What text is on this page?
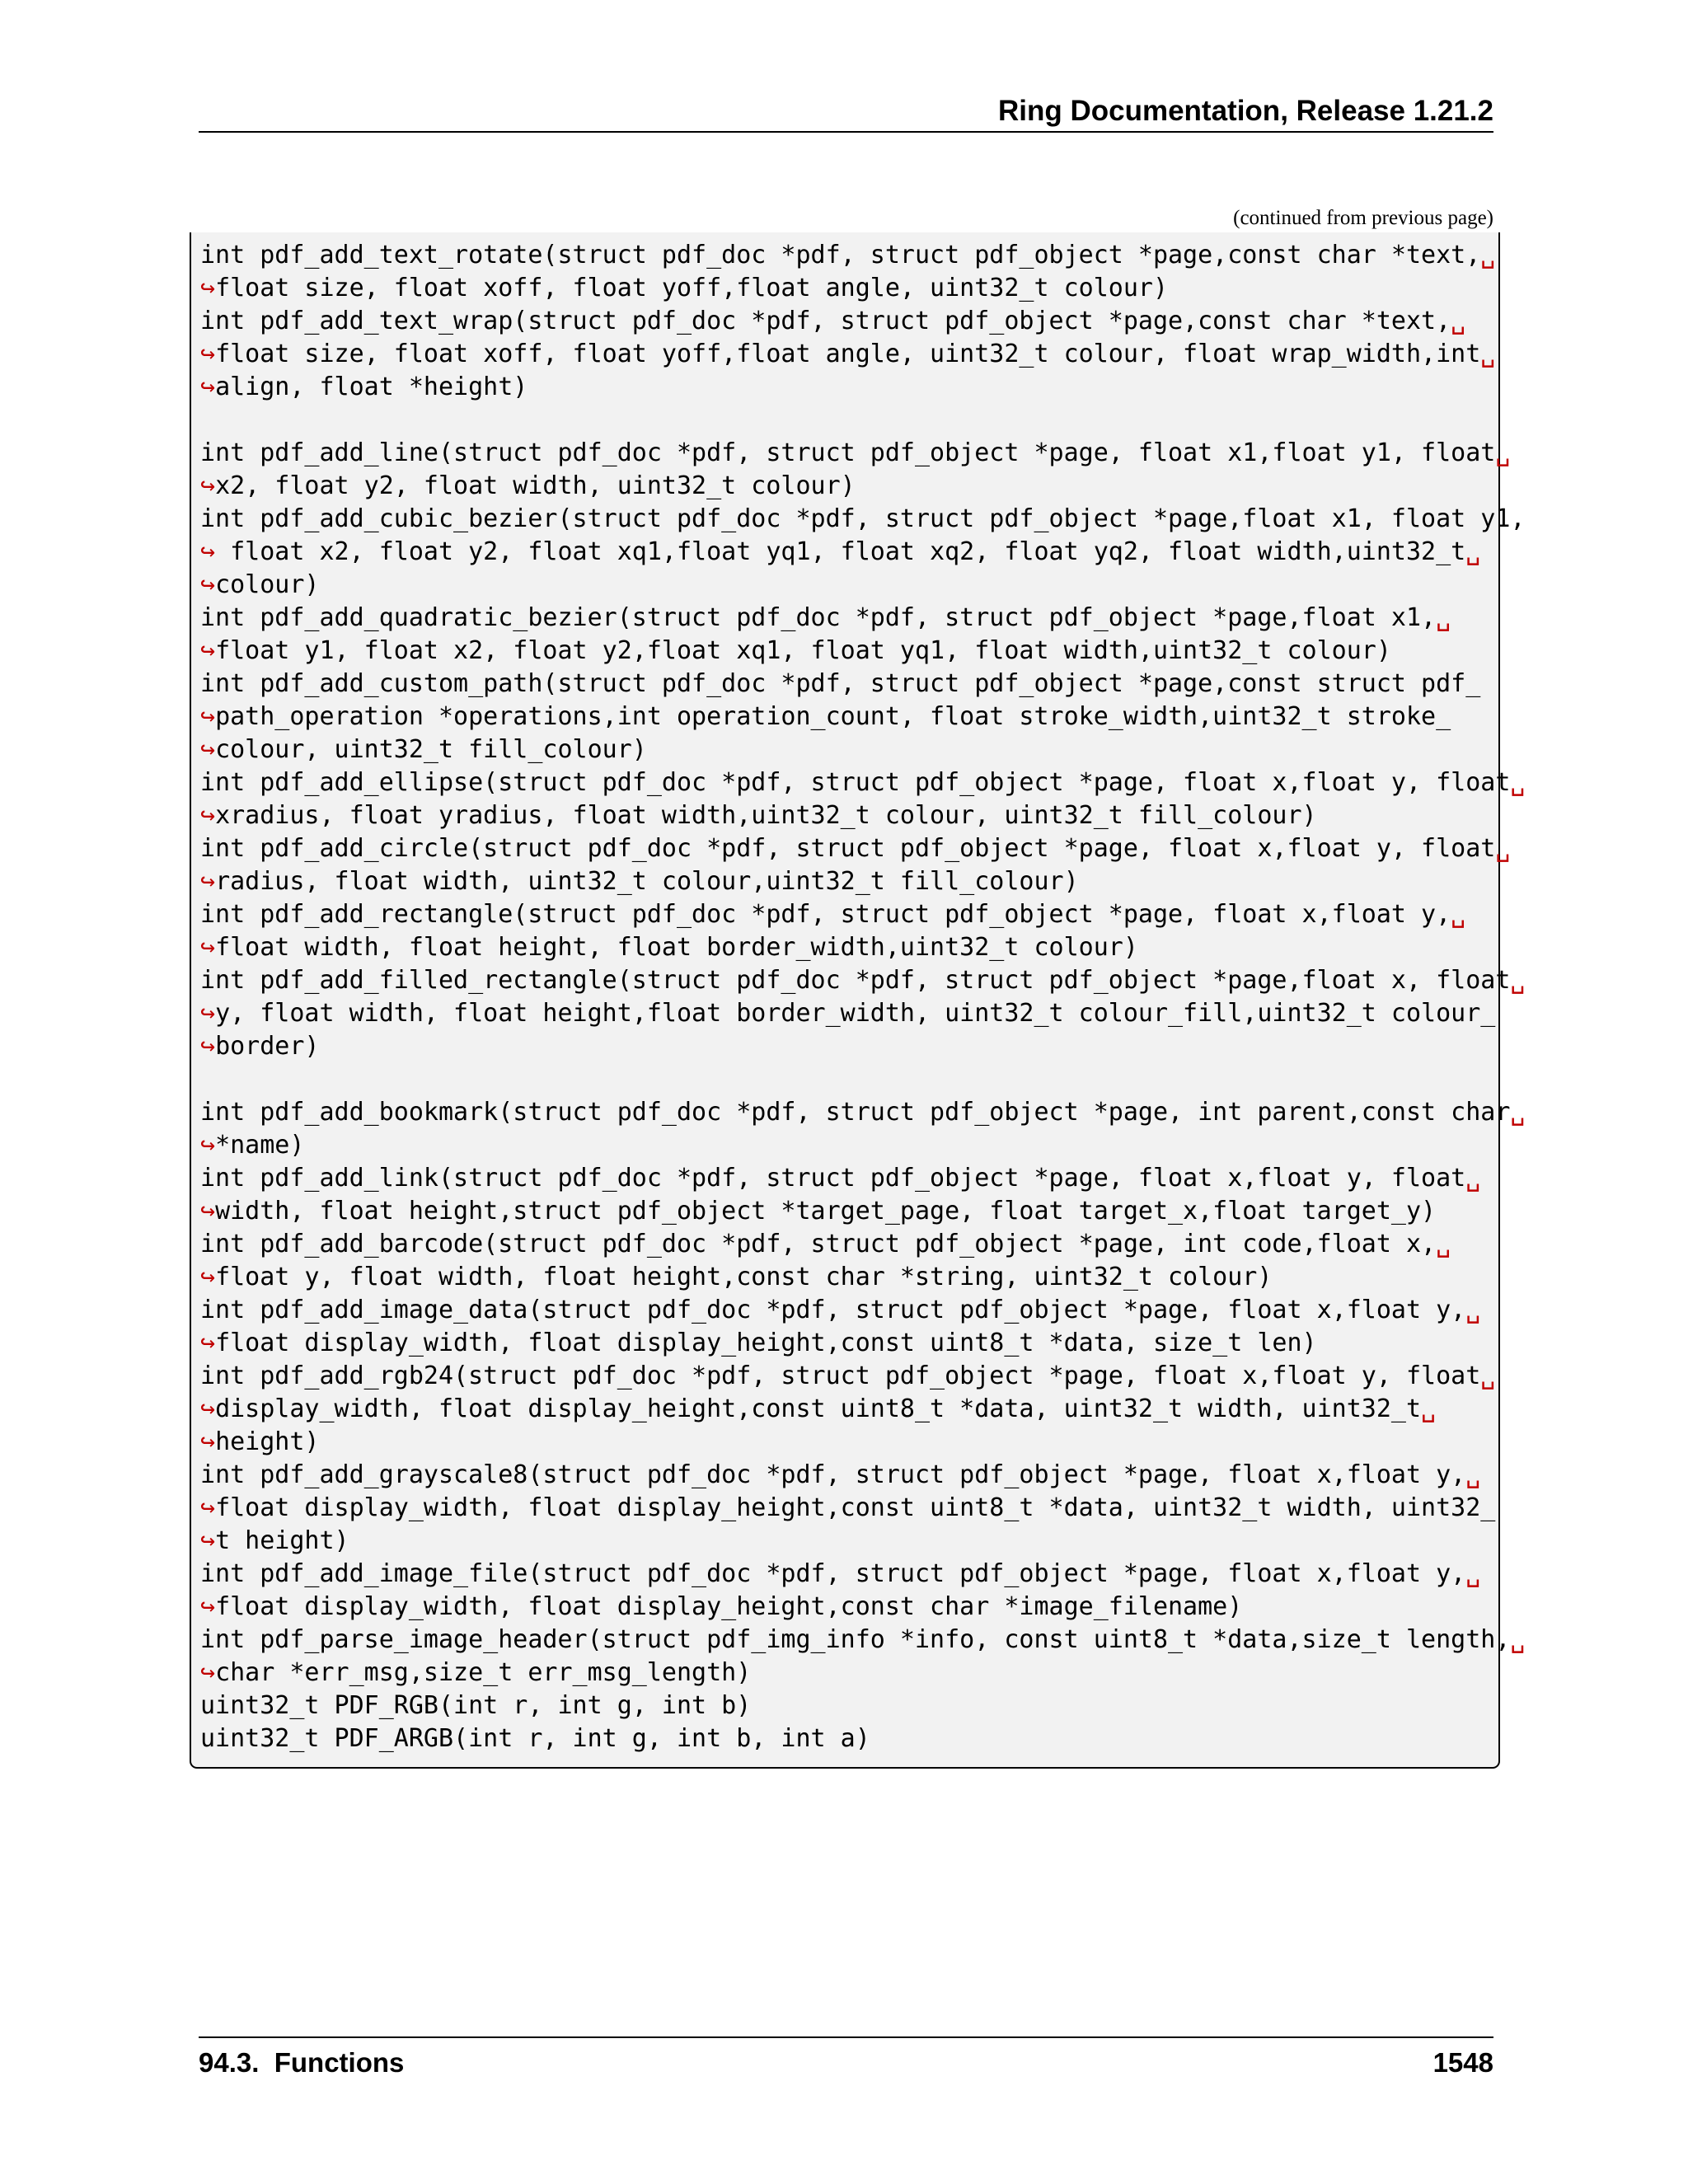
Ring Documentation, Release 1.21.2
(continued from previous page)
int pdf_add_text_rotate(struct pdf_doc *pdf, struct pdf_object *page,const char *text,␣
↪float size, float xoff, float yoff,float angle, uint32_t colour)
int pdf_add_text_wrap(struct pdf_doc *pdf, struct pdf_object *page,const char *text,␣
↪float size, float xoff, float yoff,float angle, uint32_t colour, float wrap_width,int␣
↪align, float *height)
int pdf_add_line(struct pdf_doc *pdf, struct pdf_object *page, float x1,float y1, float␣
↪x2, float y2, float width, uint32_t colour)
int pdf_add_cubic_bezier(struct pdf_doc *pdf, struct pdf_object *page,float x1, float y1,
↪ float x2, float y2, float xq1,float yq1, float xq2, float yq2, float width,uint32_t␣
↪colour)
int pdf_add_quadratic_bezier(struct pdf_doc *pdf, struct pdf_object *page,float x1,␣
↪float y1, float x2, float y2,float xq1, float yq1, float width,uint32_t colour)
int pdf_add_custom_path(struct pdf_doc *pdf, struct pdf_object *page,const struct pdf_
↪path_operation *operations,int operation_count, float stroke_width,uint32_t stroke_
↪colour, uint32_t fill_colour)
int pdf_add_ellipse(struct pdf_doc *pdf, struct pdf_object *page, float x,float y, float␣
↪xradius, float yradius, float width,uint32_t colour, uint32_t fill_colour)
int pdf_add_circle(struct pdf_doc *pdf, struct pdf_object *page, float x,float y, float␣
↪radius, float width, uint32_t colour,uint32_t fill_colour)
int pdf_add_rectangle(struct pdf_doc *pdf, struct pdf_object *page, float x,float y,␣
↪float width, float height, float border_width,uint32_t colour)
int pdf_add_filled_rectangle(struct pdf_doc *pdf, struct pdf_object *page,float x, float␣
↪y, float width, float height,float border_width, uint32_t colour_fill,uint32_t colour_
↪border)
int pdf_add_bookmark(struct pdf_doc *pdf, struct pdf_object *page, int parent,const char␣
↪*name)
int pdf_add_link(struct pdf_doc *pdf, struct pdf_object *page, float x,float y, float␣
↪width, float height,struct pdf_object *target_page, float target_x,float target_y)
int pdf_add_barcode(struct pdf_doc *pdf, struct pdf_object *page, int code,float x,␣
↪float y, float width, float height,const char *string, uint32_t colour)
int pdf_add_image_data(struct pdf_doc *pdf, struct pdf_object *page, float x,float y,␣
↪float display_width, float display_height,const uint8_t *data, size_t len)
int pdf_add_rgb24(struct pdf_doc *pdf, struct pdf_object *page, float x,float y, float␣
↪display_width, float display_height,const uint8_t *data, uint32_t width, uint32_t␣
↪height)
int pdf_add_grayscale8(struct pdf_doc *pdf, struct pdf_object *page, float x,float y,␣
↪float display_width, float display_height,const uint8_t *data, uint32_t width, uint32_
↪t height)
int pdf_add_image_file(struct pdf_doc *pdf, struct pdf_object *page, float x,float y,␣
↪float display_width, float display_height,const char *image_filename)
int pdf_parse_image_header(struct pdf_img_info *info, const uint8_t *data,size_t length,␣
↪char *err_msg,size_t err_msg_length)
uint32_t PDF_RGB(int r, int g, int b)
uint32_t PDF_ARGB(int r, int g, int b, int a)
94.3.  Functions	1548
